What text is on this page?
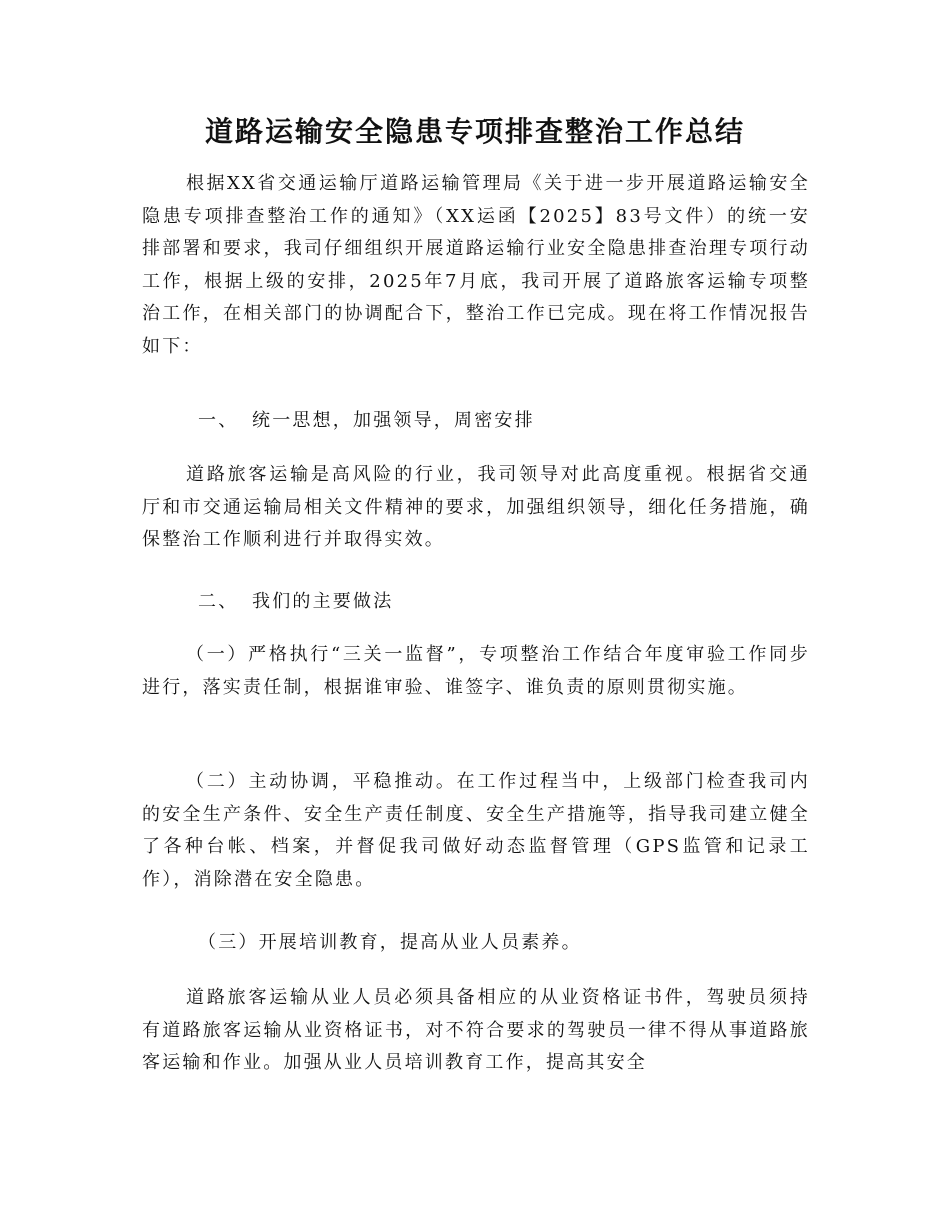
道路运输安全隐患专项排查整治工作总结
根据XX省交通运输厅道路运输管理局《关于进一步开展道路运输安全隐患专项排查整治工作的通知》（XX运函【2025】83号文件）的统一安排部署和要求，我司仔细组织开展道路运输行业安全隐患排查治理专项行动工作，根据上级的安排，2025年7月底，我司开展了道路旅客运输专项整治工作，在相关部门的协调配合下，整治工作已完成。现在将工作情况报告如下：
一、 统一思想，加强领导，周密安排
道路旅客运输是高风险的行业，我司领导对此高度重视。根据省交通厅和市交通运输局相关文件精神的要求，加强组织领导，细化任务措施，确保整治工作顺利进行并取得实效。
二、 我们的主要做法
（一）严格执行“三关一监督”，专项整治工作结合年度审验工作同步进行，落实责任制，根据谁审验、谁签字、谁负责的原则贯彻实施。
（二）主动协调，平稳推动。在工作过程当中，上级部门检查我司内的安全生产条件、安全生产责任制度、安全生产措施等，指导我司建立健全了各种台帐、档案，并督促我司做好动态监督管理（GPS监管和记录工作），消除潜在安全隐患。
（三）开展培训教育，提高从业人员素养。
道路旅客运输从业人员必须具备相应的从业资格证书件，驾驶员须持有道路旅客运输从业资格证书，对不符合要求的驾驶员一律不得从事道路旅客运输和作业。加强从业人员培训教育工作，提高其安全
